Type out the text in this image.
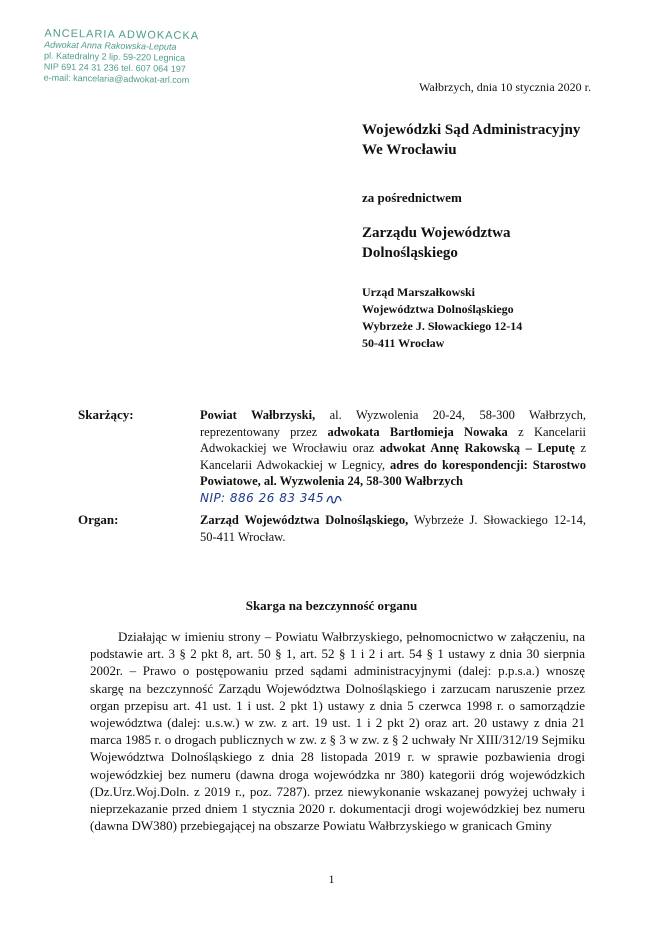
ANCELARIA ADWOKACKA
Adwokat Anna Rakowska-Leputa
pl. Katedralny 2 lip. 59-220 Legnica
NIP 691 24 31 236 tel. 607 064 197
e-mail: kancelaria@adwokat-arl.com
Wałbrzych, dnia 10 stycznia 2020 r.
Wojewódzki Sąd Administracyjny
We Wrocławiu
za pośrednictwem
Zarządu Województwa
Dolnośląskiego
Urząd Marszałkowski
Województwa Dolnośląskiego
Wybrzeże J. Słowackiego 12-14
50-411 Wrocław
Skarżący:	Powiat Wałbrzyski, al. Wyzwolenia 20-24, 58-300 Wałbrzych, reprezentowany przez adwokata Bartłomieja Nowaka z Kancelarii Adwokackiej we Wrocławiu oraz adwokat Annę Rakowską – Leputę z Kancelarii Adwokackiej w Legnicy, adres do korespondencji: Starostwo Powiatowe, al. Wyzwolenia 24, 58-300 Wałbrzych
NIP: 886 26 83 345
Organ:	Zarząd Województwa Dolnośląskiego, Wybrzeże J. Słowackiego 12-14, 50-411 Wrocław.
Skarga na bezczynność organu

Działając w imieniu strony – Powiatu Wałbrzyskiego, pełnomocnictwo w załączeniu, na podstawie art. 3 § 2 pkt 8, art. 50 § 1, art. 52 § 1 i 2 i art. 54 § 1 ustawy z dnia 30 sierpnia 2002r. – Prawo o postępowaniu przed sądami administracyjnymi (dalej: p.p.s.a.) wnoszę skargę na bezczynność Zarządu Województwa Dolnośląskiego i zarzucam naruszenie przez organ przepisu art. 41 ust. 1 i ust. 2 pkt 1) ustawy z dnia 5 czerwca 1998 r. o samorządzie województwa (dalej: u.s.w.) w zw. z art. 19 ust. 1 i 2 pkt 2) oraz art. 20 ustawy z dnia 21 marca 1985 r. o drogach publicznych w zw. z § 3 w zw. z § 2 uchwały Nr XIII/312/19 Sejmiku Województwa Dolnośląskiego z dnia 28 listopada 2019 r. w sprawie pozbawienia drogi wojewódzkiej bez numeru (dawna droga wojewódzka nr 380) kategorii dróg wojewódzkich (Dz.Urz.Woj.Doln. z 2019 r., poz. 7287). przez niewykonanie wskazanej powyżej uchwały i nieprzekazanie przed dniem 1 stycznia 2020 r. dokumentacji drogi wojewódzkiej bez numeru (dawna DW380) przebiegającej na obszarze Powiatu Wałbrzyskiego w granicach Gminy

1
